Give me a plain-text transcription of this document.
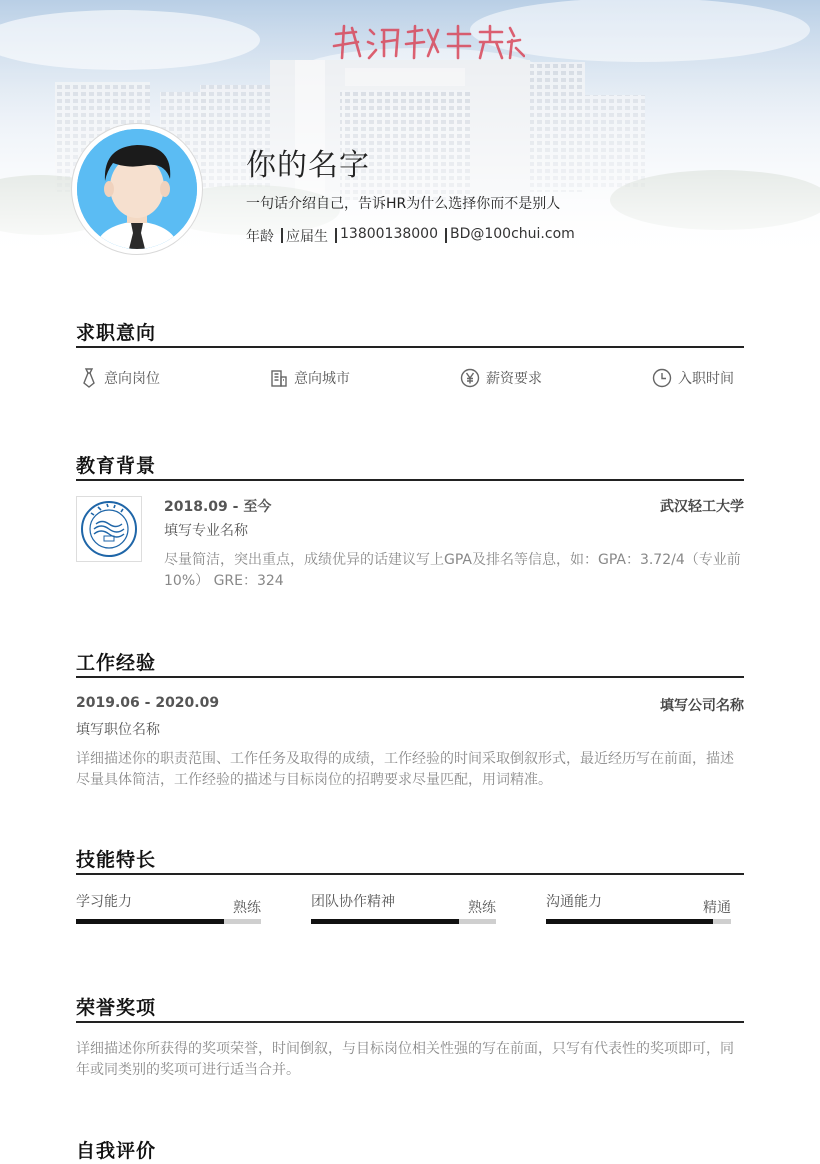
你的名字
一句话介绍自己，告诉HR为什么选择你而不是别人
年龄 应届生 13800138000 BD@100chui.com
求职意向
意向岗位	意向城市	薪资要求	入职时间
教育背景
2018.09 - 至今	武汉轻工大学
填写专业名称
尽量简洁，突出重点，成绩优异的话建议写上GPA及排名等信息，如：GPA：3.72/4（专业前10%） GRE：324
工作经验
2019.06 - 2020.09	填写公司名称
填写职位名称
详细描述你的职责范围、工作任务及取得的成绩，工作经验的时间采取倒叙形式，最近经历写在前面，描述尽量具体简洁，工作经验的描述与目标岗位的招聘要求尽量匹配，用词精准。
技能特长
学习能力	熟练	团队协作精神	熟练	沟通能力	精通
荣誉奖项
详细描述你所获得的奖项荣誉，时间倒叙，与目标岗位相关性强的写在前面，只写有代表性的奖项即可，同年或同类别的奖项可进行适当合并。
自我评价
